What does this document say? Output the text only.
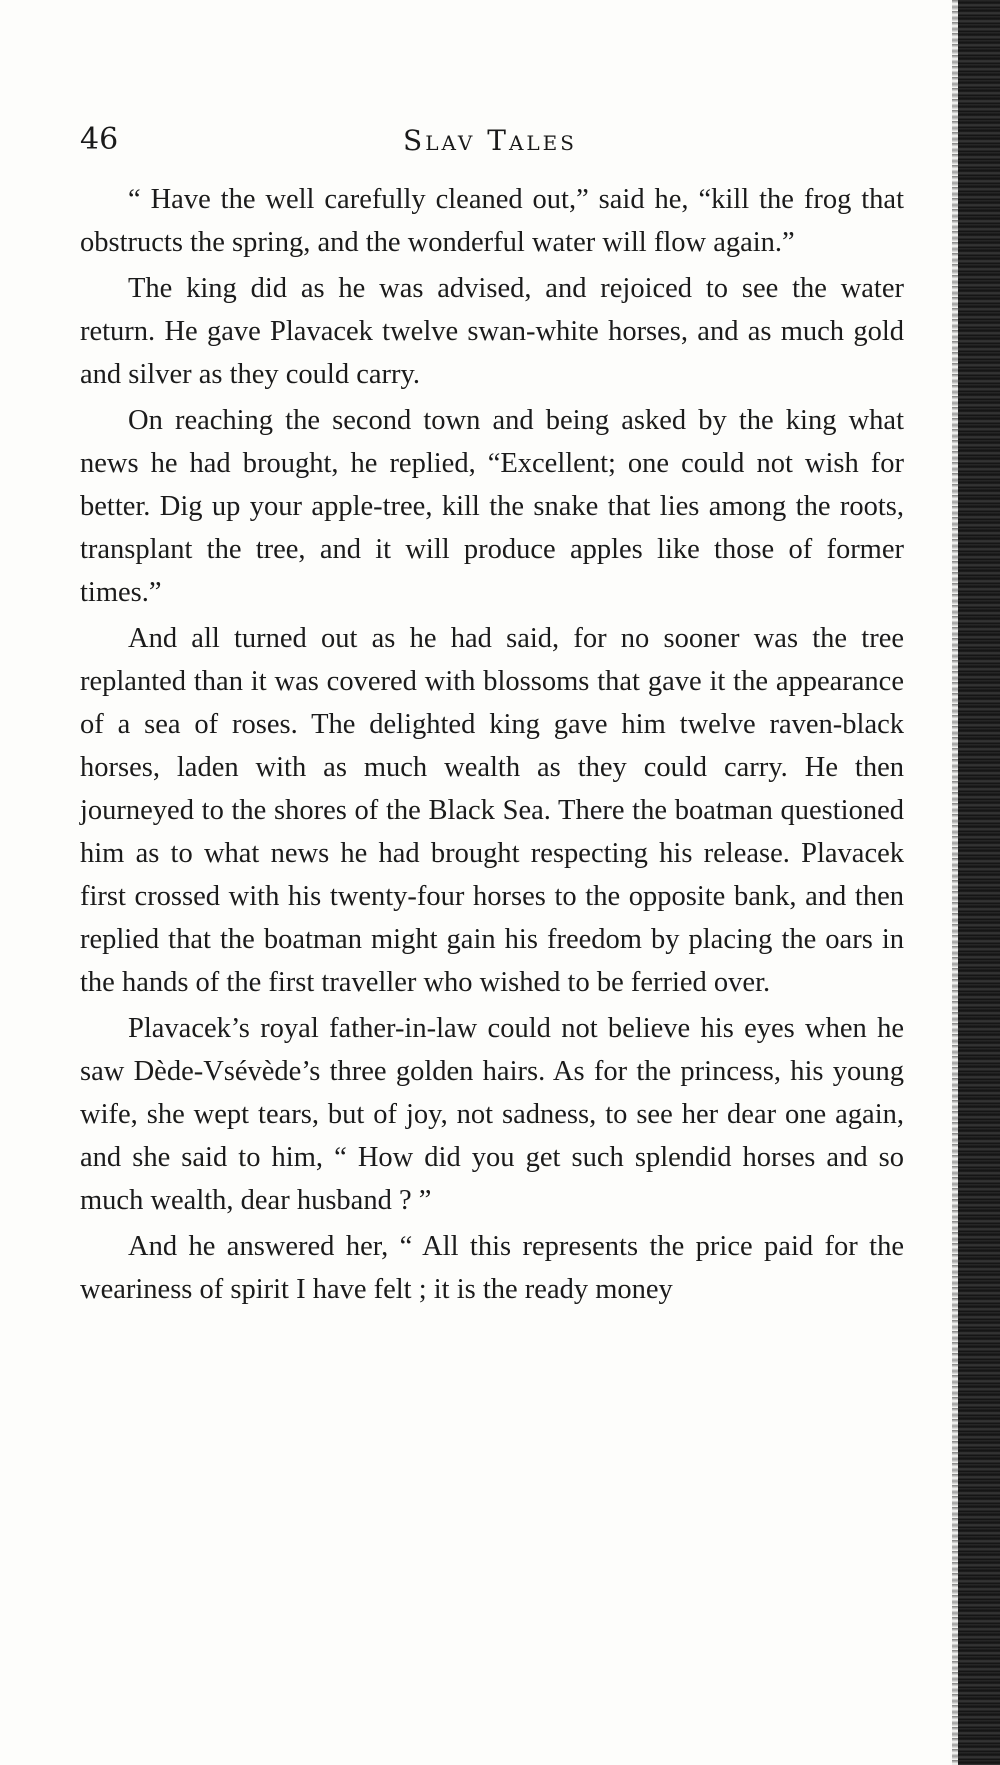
46	Slav Tales

“ Have the well carefully cleaned out,” said he, “kill the frog that obstructs the spring, and the wonderful water will flow again.”

The king did as he was advised, and rejoiced to see the water return. He gave Plavacek twelve swan-white horses, and as much gold and silver as they could carry.

On reaching the second town and being asked by the king what news he had brought, he replied, “Excellent; one could not wish for better. Dig up your apple-tree, kill the snake that lies among the roots, transplant the tree, and it will produce apples like those of former times.”

And all turned out as he had said, for no sooner was the tree replanted than it was covered with blossoms that gave it the appearance of a sea of roses. The delighted king gave him twelve raven-black horses, laden with as much wealth as they could carry. He then journeyed to the shores of the Black Sea. There the boatman questioned him as to what news he had brought respecting his release. Plavacek first crossed with his twenty-four horses to the opposite bank, and then replied that the boatman might gain his freedom by placing the oars in the hands of the first traveller who wished to be ferried over.

Plavacek’s royal father-in-law could not believe his eyes when he saw Dède-Vsévède’s three golden hairs. As for the princess, his young wife, she wept tears, but of joy, not sadness, to see her dear one again, and she said to him, “ How did you get such splendid horses and so much wealth, dear husband ? ”

And he answered her, “ All this represents the price paid for the weariness of spirit I have felt ; it is the ready money
